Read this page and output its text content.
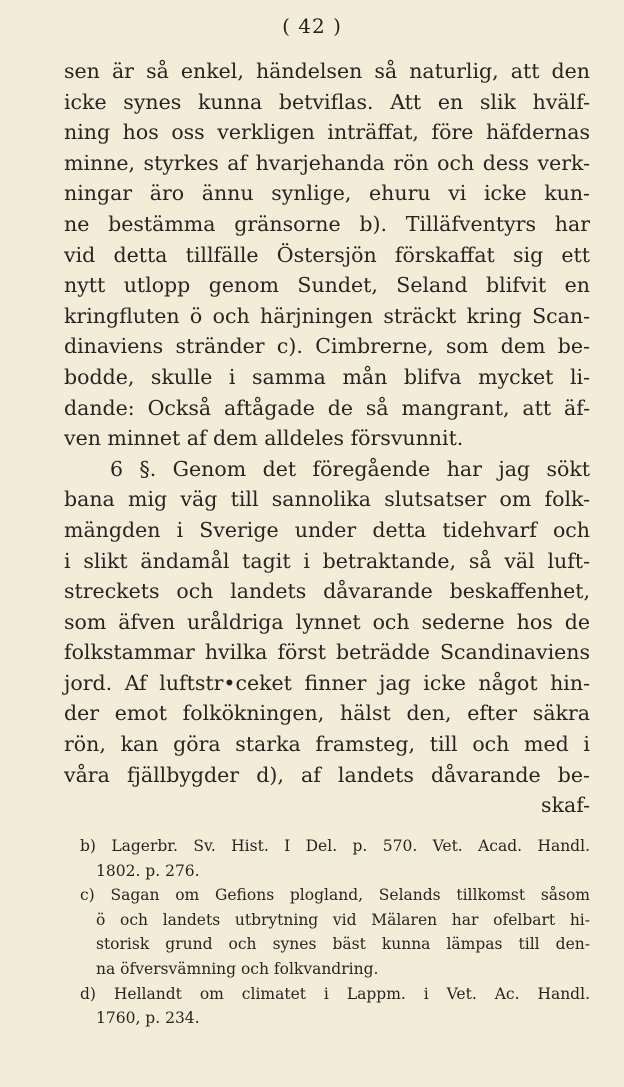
( 42 )
sen är så enkel, händelsen så naturlig, att den
icke synes kunna betviflas. Att en slik hvälf-
ning hos oss verkligen inträffat, före häfdernas
minne, styrkes af hvarjehanda rön och dess verk-
ningar äro ännu synlige, ehuru vi icke kun-
ne bestämma gränsorne b). Tilläfventyrs har
vid detta tillfälle Östersjön förskaffat sig ett
nytt utlopp genom Sundet, Seland blifvit en
kringfluten ö och härjningen sträckt kring Scan-
dinaviens stränder c). Cimbrerne, som dem be-
bodde, skulle i samma mån blifva mycket li-
dande: Också aftågade de så mangrant, att äf-
ven minnet af dem alldeles försvunnit.
6 §. Genom det föregående har jag sökt
bana mig väg till sannolika slutsatser om folk-
mängden i Sverige under detta tidehvarf och
i slikt ändamål tagit i betraktande, så väl luft-
streckets och landets dåvarande beskaffenhet,
som äfven uråldriga lynnet och sederne hos de
folkstammar hvilka först beträdde Scandinaviens
jord. Af luftstr•ceket finner jag icke något hin-
der emot folkökningen, hälst den, efter säkra
rön, kan göra starka framsteg, till och med i
våra fjällbygder d), af landets dåvarande be-
skaf-
b) Lagerbr. Sv. Hist. I Del. p. 570. Vet. Acad. Handl.
1802. p. 276.
c) Sagan om Gefions plogland, Selands tillkomst såsom
ö och landets utbrytning vid Mälaren har ofelbart hi-
storisk grund och synes bäst kunna lämpas till den-
na öfversvämning och folkvandring.
d) Hellandt om climatet i Lappm. i Vet. Ac. Handl.
1760, p. 234.
